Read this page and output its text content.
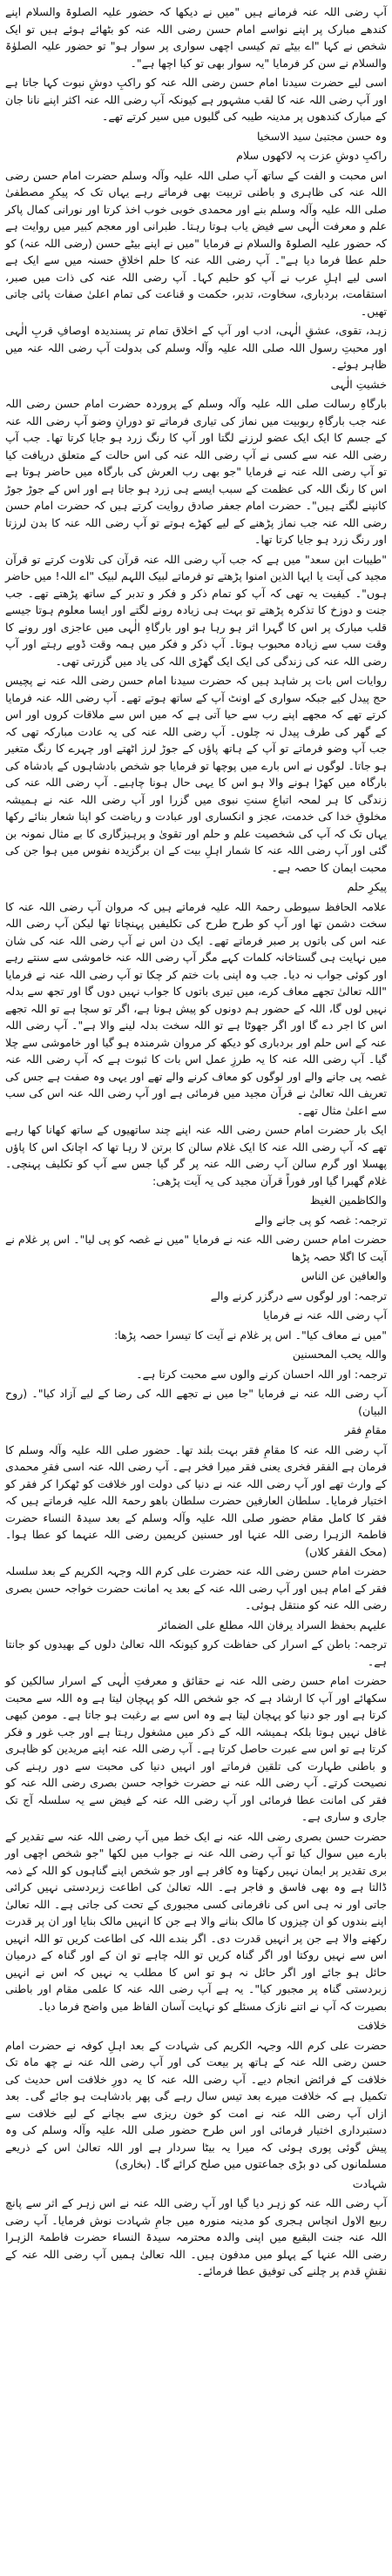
آپ رضی اللہ عنہ فرمانے ہیں "میں نے دیکھا کہ حضور علیہ الصلوۃ والسلام اپنے کندھے مبارک پر اپنے نواسے امام حسن رضی اللہ عنہ کو بٹھائے ہوئے ہیں تو ایک شخص نے کہا "اے بیٹے تم کیسی اچھی سواری پر سوار ہو" تو حضور علیہ الصلوٰۃ والسلام نے سن کر فرمایا "یہ سوار بھی تو کیا اچھا ہے"۔

اسی لیے حضرت سیدنا امام حسن رضی اللہ عنہ کو راکبِ دوشِ نبوت کہا جاتا ہے اور آپ رضی اللہ عنہ کا لقب مشہور ہے کیونکہ آپ رضی اللہ عنہ اکثر اپنے نانا جان کے مبارک کندھوں پر مدینہ طیبہ کی گلیوں میں سیر کرتے تھے۔

وہ حسن مجتبیٰ سید الاسخیا

راکبِ دوشِ عزت پہ لاکھوں سلام

اس محبت و الفت کے ساتھ آپ صلی اللہ علیہ وآلہ وسلم حضرت امام حسن رضی اللہ عنہ کی ظاہری و باطنی تربیت بھی فرماتے رہے یہاں تک کہ پیکرِ مصطفیٰ صلی اللہ علیہ وآلہ وسلم بنے اور محمدی خوبی خوب اخذ کرتا اور نورانی کمال پاکر علم و معرفت الٰہی سے فیض یاب ہوتا رہتا۔ طبرانی اور معجم کبیر میں روایت ہے کہ حضور علیہ الصلوۃ والسلام نے فرمایا "میں نے اپنے بیٹے حسن (رضی اللہ عنہ) کو حلم عطا فرما دیا ہے"۔ آپ رضی اللہ عنہ کا حلم اخلاقِ حسنہ میں سے ایک ہے اسی لیے اہلِ عرب نے آپ کو حلیم کہا۔ آپ رضی اللہ عنہ کی ذات میں صبر، استقامت، بردباری، سخاوت، تدبر، حکمت و قناعت کی تمام اعلیٰ صفات پائی جاتی تھیں۔

زہد، تقوی، عشقِ الٰہی، ادب اور آپ کے اخلاق تمام تر پسندیدہ اوصافِ قربِ الٰہی اور محبتِ رسول اللہ صلی اللہ علیہ وآلہ وسلم کی بدولت آپ رضی اللہ عنہ میں ظاہر ہوئے۔

خشیتِ الٰہی

بارگاہِ رسالت صلی اللہ علیہ وآلہ وسلم کے پروردہ حضرت امام حسن رضی اللہ عنہ جب بارگاہِ ربوبیت میں نماز کی تیاری فرماتے تو دورانِ وضو آپ رضی اللہ عنہ کے جسم کا ایک ایک عضو لرزنے لگتا اور آپ کا رنگ زرد ہو جایا کرتا تھا۔ جب آپ رضی اللہ عنہ سے کسی نے آپ رضی اللہ عنہ کی اس حالت کے متعلق دریافت کیا تو آپ رضی اللہ عنہ نے فرمایا "جو بھی رب العرش کی بارگاہ میں حاضر ہوتا ہے اس کا رنگ اللہ کی عظمت کے سبب ایسے ہی زرد ہو جاتا ہے اور اس کے جوڑ جوڑ کانپنے لگتے ہیں"۔ حضرت امام جعفر صادق روایت کرتے ہیں کہ حضرت امام حسن رضی اللہ عنہ جب نماز پڑھنے کے لیے کھڑے ہوتے تو آپ رضی اللہ عنہ کا بدن لرزتا اور رنگ زرد ہو جایا کرتا تھا۔

"طیبات ابن سعد" میں ہے کہ جب آپ رضی اللہ عنہ قرآن کی تلاوت کرتے تو قرآن مجید کی آیت یا ایہا الذین امنوا پڑھتے تو فرماتے لبیک اللہم لبیک "اے اللہ! میں حاضر ہوں"۔ کیفیت یہ تھی کہ آپ کو تمام ذکر و فکر و تدبر کے ساتھ پڑھتے تھے۔ جب جنت و دوزخ کا تذکرہ پڑھتے تو بہت ہی زیادہ رونے لگتے اور ایسا معلوم ہوتا جیسے قلب مبارک پر اس کا گہرا اثر ہو رہا ہو اور بارگاہِ الٰہی میں عاجزی اور رونے کا وقت سب سے زیادہ محبوب ہوتا۔ آپ ذکر و فکر میں ہمہ وقت ڈوبے رہتے اور آپ رضی اللہ عنہ کی زندگی کی ایک ایک گھڑی اللہ کی یاد میں گزرتی تھی۔

روایات اس بات پر شاہد ہیں کہ حضرت سیدنا امام حسن رضی اللہ عنہ نے پچیس حج پیدل کیے جبکہ سواری کے اونٹ آپ کے ساتھ ہوتے تھے۔ آپ رضی اللہ عنہ فرمایا کرتے تھے کہ مجھے اپنے رب سے حیا آتی ہے کہ میں اس سے ملاقات کروں اور اس کے گھر کی طرف پیدل نہ چلوں۔ آپ رضی اللہ عنہ کی یہ عادت مبارکہ تھی کہ جب آپ وضو فرماتے تو آپ کے ہاتھ پاؤں کے جوڑ لرز اٹھتے اور چہرے کا رنگ متغیر ہو جاتا۔ لوگوں نے اس بارے میں پوچھا تو فرمایا جو شخص بادشاہوں کے بادشاہ کی بارگاہ میں کھڑا ہونے والا ہو اس کا یہی حال ہونا چاہیے۔ آپ رضی اللہ عنہ کی زندگی کا ہر لمحہ اتباعِ سنتِ نبوی میں گزرا اور آپ رضی اللہ عنہ نے ہمیشہ مخلوقِ خدا کی خدمت، عجز و انکساری اور عبادت و ریاضت کو اپنا شعار بنائے رکھا یہاں تک کہ آپ کی شخصیت علم و حلم اور تقویٰ و پرہیزگاری کا بے مثال نمونہ بن گئی اور آپ رضی اللہ عنہ کا شمار اہلِ بیت کے ان برگزیدہ نفوس میں ہوا جن کی محبت ایمان کا حصہ ہے۔

پیکرِ حلم

علامہ الحافظ سیوطی رحمۃ اللہ علیہ فرماتے ہیں کہ مروان آپ رضی اللہ عنہ کا سخت دشمن تھا اور آپ کو طرح طرح کی تکلیفیں پہنچاتا تھا لیکن آپ رضی اللہ عنہ اس کی باتوں پر صبر فرماتے تھے۔ ایک دن اس نے آپ رضی اللہ عنہ کی شان میں نہایت ہی گستاخانہ کلمات کہے مگر آپ رضی اللہ عنہ خاموشی سے سنتے رہے اور کوئی جواب نہ دیا۔ جب وہ اپنی بات ختم کر چکا تو آپ رضی اللہ عنہ نے فرمایا "اللہ تعالیٰ تجھے معاف کرے، میں تیری باتوں کا جواب نہیں دوں گا اور تجھ سے بدلہ نہیں لوں گا، اللہ کے حضور ہم دونوں کو پیش ہونا ہے، اگر تو سچا ہے تو اللہ تجھے اس کا اجر دے گا اور اگر جھوٹا ہے تو اللہ سخت بدلہ لینے والا ہے"۔ آپ رضی اللہ عنہ کے اس حلم اور بردباری کو دیکھ کر مروان شرمندہ ہو گیا اور خاموشی سے چلا گیا۔ آپ رضی اللہ عنہ کا یہ طرزِ عمل اس بات کا ثبوت ہے کہ آپ رضی اللہ عنہ غصہ پی جانے والے اور لوگوں کو معاف کرنے والے تھے اور یہی وہ صفت ہے جس کی تعریف اللہ تعالیٰ نے قرآن مجید میں فرمائی ہے اور آپ رضی اللہ عنہ اس کی سب سے اعلیٰ مثال تھے۔

ایک بار حضرت امام حسن رضی اللہ عنہ اپنے چند ساتھیوں کے ساتھ کھانا کھا رہے تھے کہ آپ رضی اللہ عنہ کا ایک غلام سالن کا برتن لا رہا تھا کہ اچانک اس کا پاؤں پھسلا اور گرم سالن آپ رضی اللہ عنہ پر گر گیا جس سے آپ کو تکلیف پہنچی۔ غلام گھبرا گیا اور فوراً قرآن مجید کی یہ آیت پڑھی:

والکاظمین الغیظ

ترجمہ: غصہ کو پی جانے والے

حضرت امام حسن رضی اللہ عنہ نے فرمایا "میں نے غصہ کو پی لیا"۔ اس پر غلام نے آیت کا اگلا حصہ پڑھا

والعافین عن الناس

ترجمہ: اور لوگوں سے درگزر کرنے والے

آپ رضی اللہ عنہ نے فرمایا

"میں نے معاف کیا"۔ اس پر غلام نے آیت کا تیسرا حصہ پڑھا:

واللہ یحب المحسنین

ترجمہ: اور اللہ احسان کرنے والوں سے محبت کرتا ہے۔

آپ رضی اللہ عنہ نے فرمایا "جا میں نے تجھے اللہ کی رضا کے لیے آزاد کیا"۔ (روح البیان)

مقامِ فقر

آپ رضی اللہ عنہ کا مقامِ فقر بہت بلند تھا۔ حضور صلی اللہ علیہ وآلہ وسلم کا فرمان ہے الفقر فخری یعنی فقر میرا فخر ہے۔ آپ رضی اللہ عنہ اسی فقرِ محمدی کے وارث تھے اور آپ رضی اللہ عنہ نے دنیا کی دولت اور خلافت کو ٹھکرا کر فقر کو اختیار فرمایا۔ سلطان العارفین حضرت سلطان باھو رحمۃ اللہ علیہ فرماتے ہیں کہ فقر کا کامل مقام حضور صلی اللہ علیہ وآلہ وسلم کے بعد سیدۃ النساء حضرت فاطمۃ الزہرا رضی اللہ عنہا اور حسنین کریمین رضی اللہ عنہما کو عطا ہوا۔ (محک الفقر کلاں)

حضرت امام حسن رضی اللہ عنہ حضرت علی کرم اللہ وجہہ الکریم کے بعد سلسلہ فقر کے امام ہیں اور آپ رضی اللہ عنہ کے بعد یہ امانت حضرت خواجہ حسن بصری رضی اللہ عنہ کو منتقل ہوئی۔

علیہم بحفظ السراد یرفان اللہ مطلع علی الضمائر

ترجمہ: باطن کے اسرار کی حفاظت کرو کیونکہ اللہ تعالیٰ دلوں کے بھیدوں کو جانتا ہے۔

حضرت امام حسن رضی اللہ عنہ نے حقائق و معرفتِ الٰہی کے اسرار سالکین کو سکھائے اور آپ کا ارشاد ہے کہ جو شخص اللہ کو پہچان لیتا ہے وہ اللہ سے محبت کرتا ہے اور جو دنیا کو پہچان لیتا ہے وہ اس سے بے رغبت ہو جاتا ہے۔ مومن کبھی غافل نہیں ہوتا بلکہ ہمیشہ اللہ کے ذکر میں مشغول رہتا ہے اور جب غور و فکر کرتا ہے تو اس سے عبرت حاصل کرتا ہے۔ آپ رضی اللہ عنہ اپنے مریدین کو ظاہری و باطنی طہارت کی تلقین فرماتے اور انہیں دنیا کی محبت سے دور رہنے کی نصیحت کرتے۔ آپ رضی اللہ عنہ نے حضرت خواجہ حسن بصری رضی اللہ عنہ کو فقر کی امانت عطا فرمائی اور آپ رضی اللہ عنہ کے فیض سے یہ سلسلہ آج تک جاری و ساری ہے۔

حضرت حسن بصری رضی اللہ عنہ نے ایک خط میں آپ رضی اللہ عنہ سے تقدیر کے بارے میں سوال کیا تو آپ رضی اللہ عنہ نے جواب میں لکھا "جو شخص اچھی اور بری تقدیر پر ایمان نہیں رکھتا وہ کافر ہے اور جو شخص اپنے گناہوں کو اللہ کے ذمہ ڈالتا ہے وہ بھی فاسق و فاجر ہے۔ اللہ تعالیٰ کی اطاعت زبردستی نہیں کرائی جاتی اور نہ ہی اس کی نافرمانی کسی مجبوری کے تحت کی جاتی ہے۔ اللہ تعالیٰ اپنے بندوں کو ان چیزوں کا مالک بنانے والا ہے جن کا انہیں مالک بنایا اور ان پر قدرت رکھنے والا ہے جن پر انہیں قدرت دی۔ اگر بندے اللہ کی اطاعت کریں تو اللہ انہیں اس سے نہیں روکتا اور اگر گناہ کریں تو اللہ چاہے تو ان کے اور گناہ کے درمیان حائل ہو جائے اور اگر حائل نہ ہو تو اس کا مطلب یہ نہیں کہ اس نے انہیں زبردستی گناہ پر مجبور کیا"۔ یہ ہے آپ رضی اللہ عنہ کا علمی مقام اور باطنی بصیرت کہ آپ نے اتنے نازک مسئلے کو نہایت آسان الفاظ میں واضح فرما دیا۔

خلافت

حضرت علی کرم اللہ وجہہ الکریم کی شہادت کے بعد اہلِ کوفہ نے حضرت امام حسن رضی اللہ عنہ کے ہاتھ پر بیعت کی اور آپ رضی اللہ عنہ نے چھ ماہ تک خلافت کے فرائض انجام دیے۔ آپ رضی اللہ عنہ کا یہ دورِ خلافت اس حدیث کی تکمیل ہے کہ خلافت میرے بعد تیس سال رہے گی پھر بادشاہت ہو جائے گی۔ بعد ازاں آپ رضی اللہ عنہ نے امت کو خون ریزی سے بچانے کے لیے خلافت سے دستبرداری اختیار فرمائی اور اس طرح حضور صلی اللہ علیہ وآلہ وسلم کی وہ پیش گوئی پوری ہوئی کہ میرا یہ بیٹا سردار ہے اور اللہ تعالیٰ اس کے ذریعے مسلمانوں کی دو بڑی جماعتوں میں صلح کرائے گا۔ (بخاری)

شہادت

آپ رضی اللہ عنہ کو زہر دیا گیا اور آپ رضی اللہ عنہ نے اس زہر کے اثر سے پانچ ربیع الاول انچاس ہجری کو مدینہ منورہ میں جامِ شہادت نوش فرمایا۔ آپ رضی اللہ عنہ جنت البقیع میں اپنی والدہ محترمہ سیدۃ النساء حضرت فاطمۃ الزہرا رضی اللہ عنہا کے پہلو میں مدفون ہیں۔ اللہ تعالیٰ ہمیں آپ رضی اللہ عنہ کے نقشِ قدم پر چلنے کی توفیق عطا فرمائے۔
